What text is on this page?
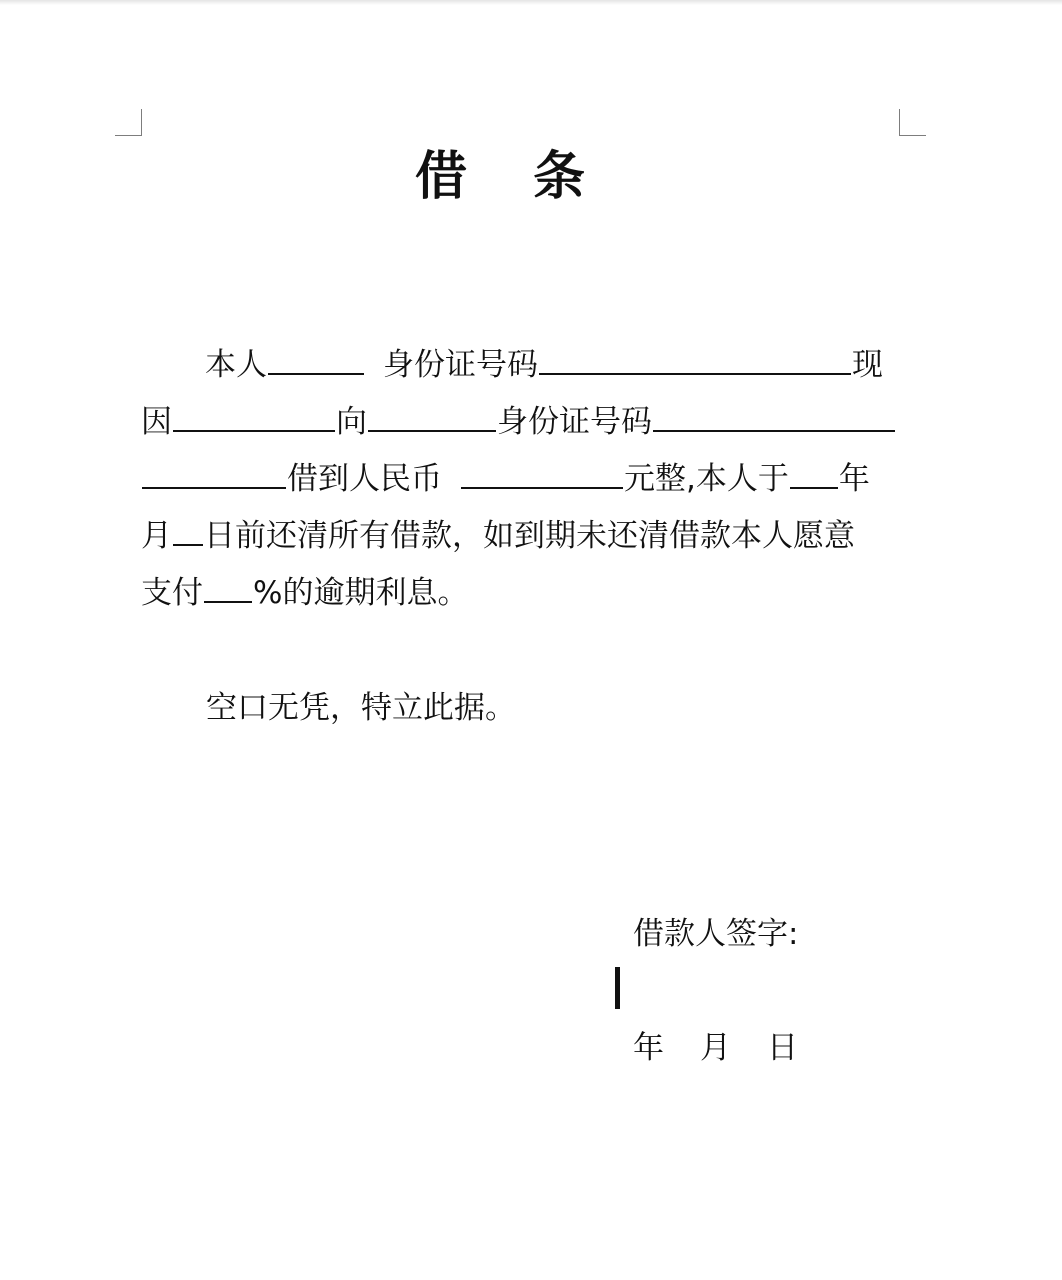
借 条
本人	身份证号码	现
因	向	身份证号码
借到人民币	元整,本人于 年
月 日前还清所有借款，如到期未还清借款本人愿意
支付 %的逾期利息。
空口无凭，特立此据。
借款人签字:
年 月 日
